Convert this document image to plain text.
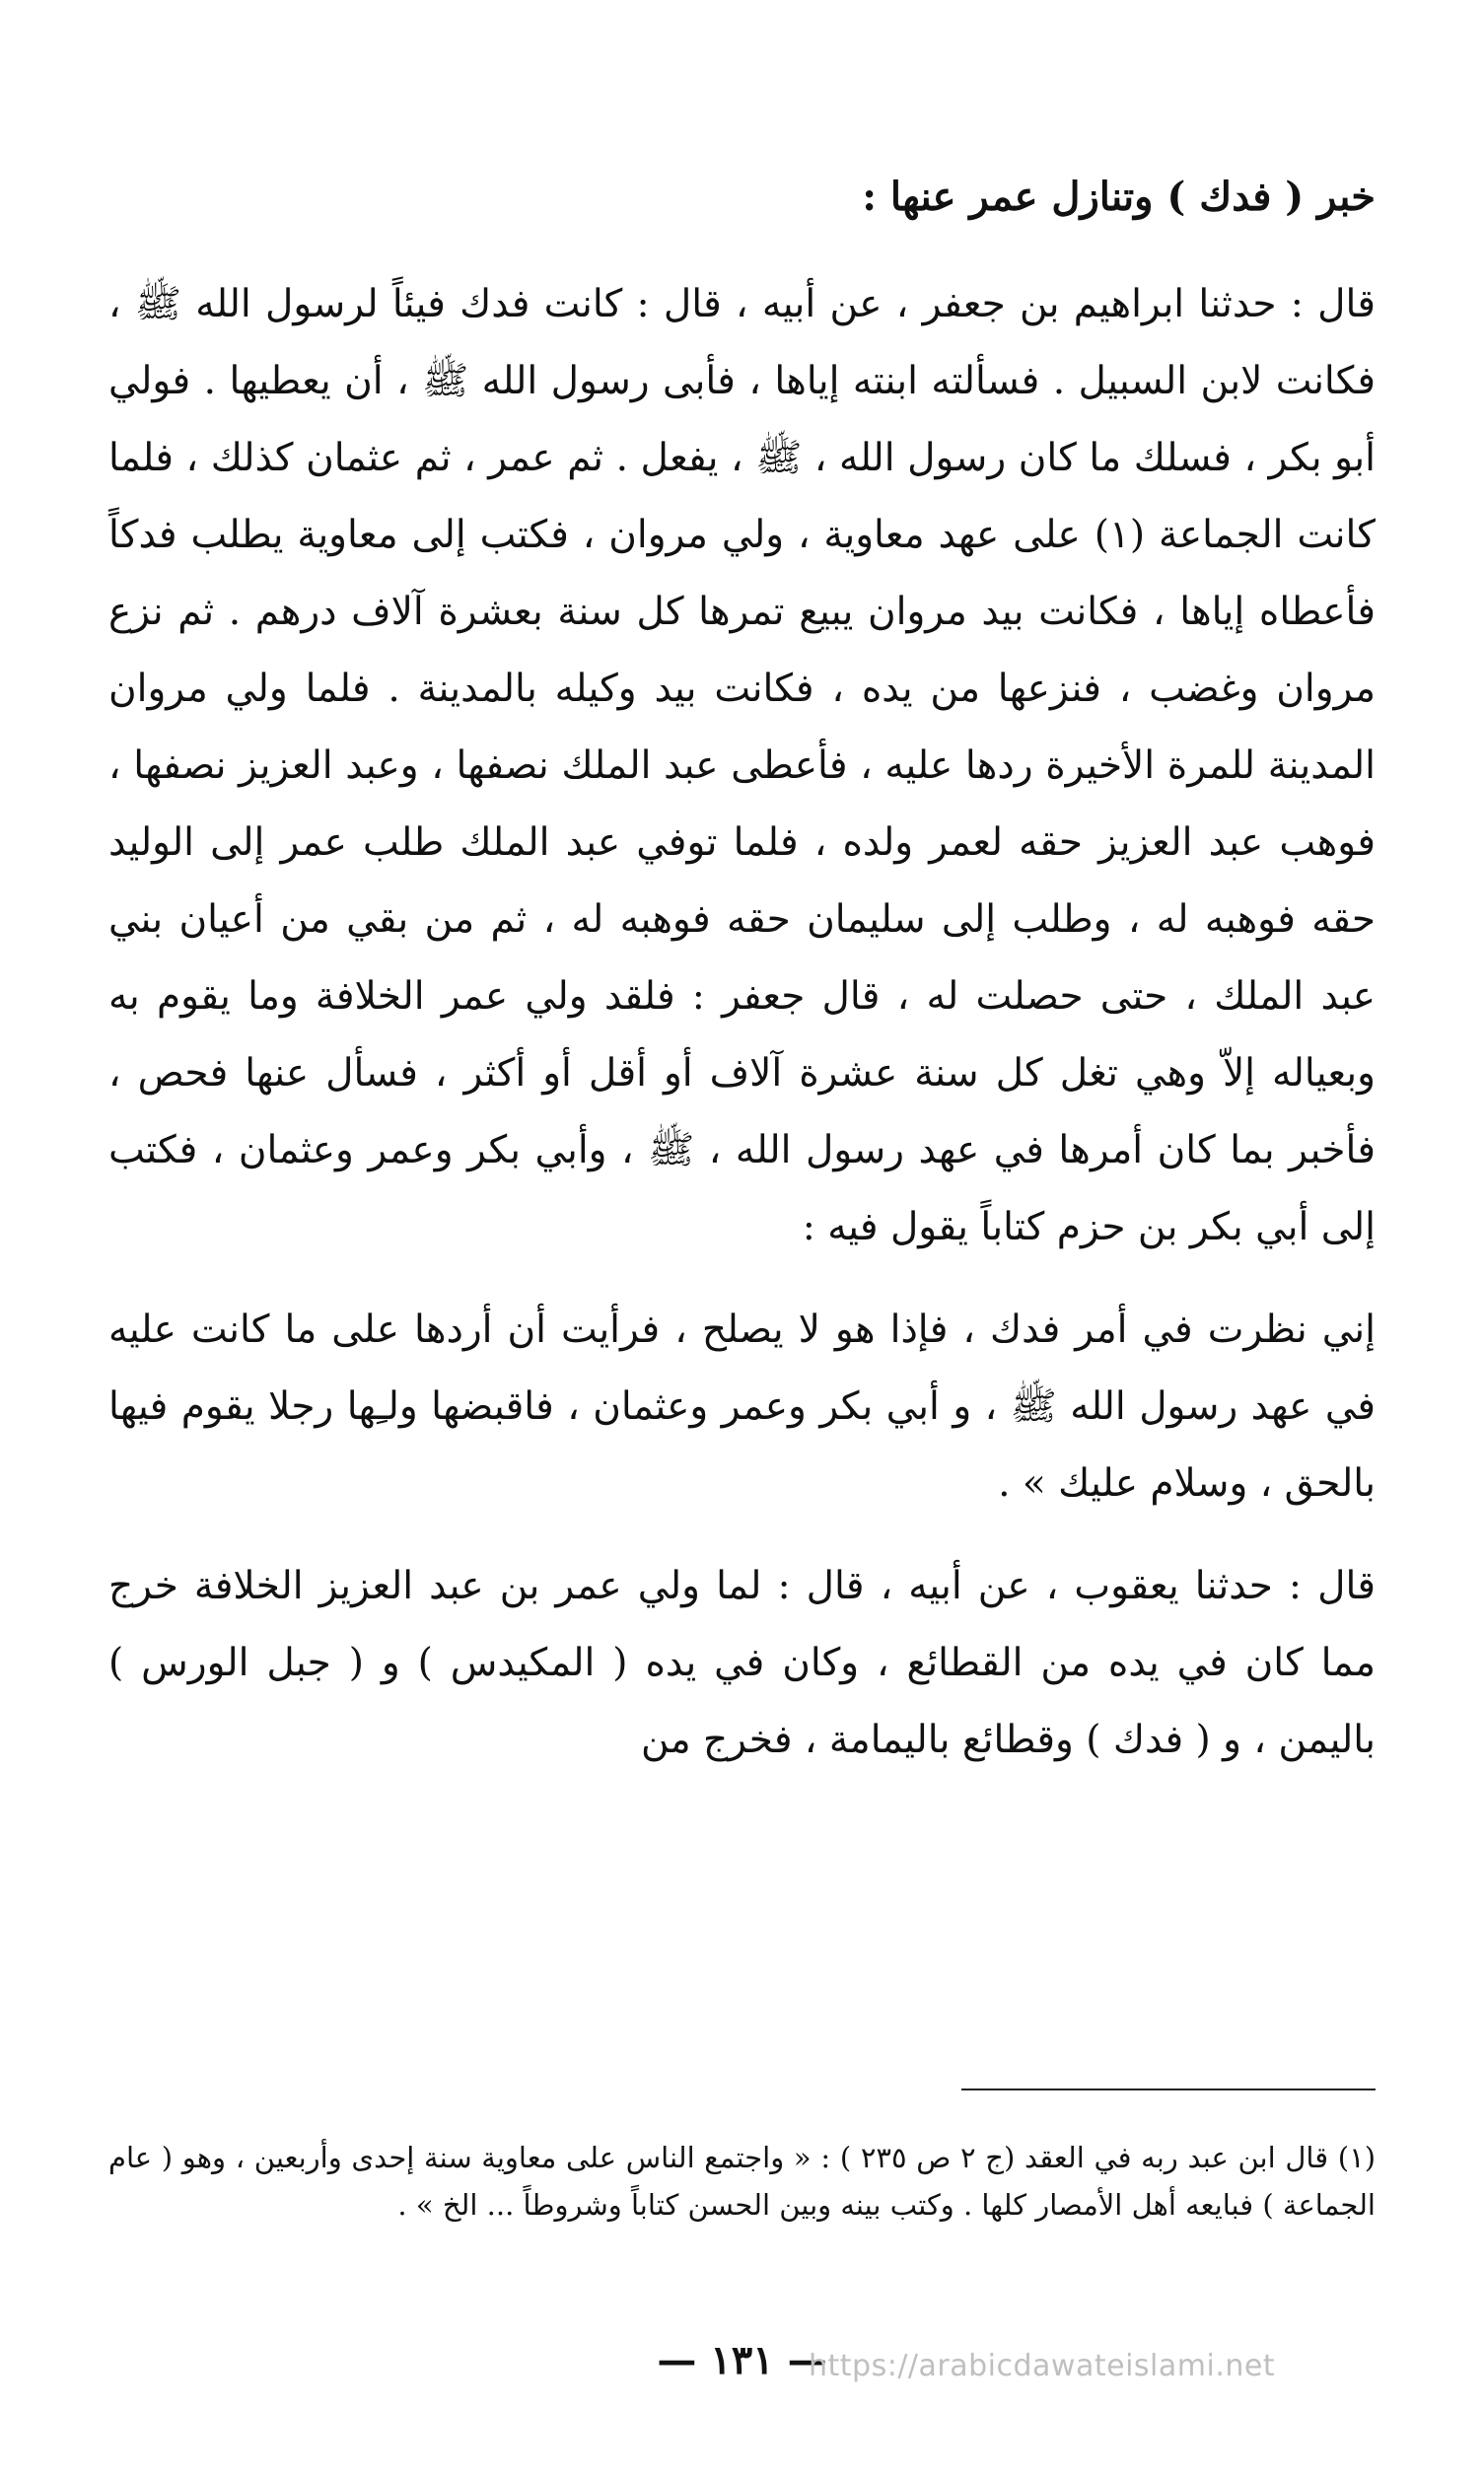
خبر ( فدك ) وتنازل عمر عنها :

قال : حدثنا ابراهيم بن جعفر ، عن أبيه ، قال : كانت فدك فيئاً لرسول الله ﷺ ، فكانت لابن السبيل . فسألته ابنته إياها ، فأبى رسول الله ﷺ ، أن يعطيها . فولي أبو بكر ، فسلك ما كان رسول الله ، ﷺ ، يفعل . ثم عمر ، ثم عثمان كذلك ، فلما كانت الجماعة (١) على عهد معاوية ، ولي مروان ، فكتب إلى معاوية يطلب فدكاً فأعطاه إياها ، فكانت بيد مروان يبيع تمرها كل سنة بعشرة آلاف درهم . ثم نزع مروان وغضب ، فنزعها من يده ، فكانت بيد وكيله بالمدينة . فلما ولي مروان المدينة للمرة الأخيرة ردها عليه ، فأعطى عبد الملك نصفها ، وعبد العزيز نصفها ، فوهب عبد العزيز حقه لعمر ولده ، فلما توفي عبد الملك طلب عمر إلى الوليد حقه فوهبه له ، وطلب إلى سليمان حقه فوهبه له ، ثم من بقي من أعيان بني عبد الملك ، حتى حصلت له ، قال جعفر : فلقد ولي عمر الخلافة وما يقوم به وبعياله إلاّ وهي تغل كل سنة عشرة آلاف أو أقل أو أكثر ، فسأل عنها فحص ، فأخبر بما كان أمرها في عهد رسول الله ، ﷺ ، وأبي بكر وعمر وعثمان ، فكتب إلى أبي بكر بن حزم كتاباً يقول فيه :

إني نظرت في أمر فدك ، فإذا هو لا يصلح ، فرأيت أن أردها على ما كانت عليه في عهد رسول الله ﷺ ، و أبي بكر وعمر وعثمان ، فاقبضها ولـِها رجلا يقوم فيها بالحق ، وسلام عليك » .

قال : حدثنا يعقوب ، عن أبيه ، قال : لما ولي عمر بن عبد العزيز الخلافة خرج مما كان في يده من القطائع ، وكان في يده ( المكيدس ) و ( جبل الورس ) باليمن ، و ( فدك ) وقطائع باليمامة ، فخرج من

(١) قال ابن عبد ربه في العقد (ج ٢ ص ٢٣٥ ) : « واجتمع الناس على معاوية سنة إحدى وأربعين ، وهو ( عام الجماعة ) فبايعه أهل الأمصار كلها . وكتب بينه وبين الحسن كتاباً وشروطاً ... الخ » .

— ١٣١ —
https://arabicdawateislami.net
